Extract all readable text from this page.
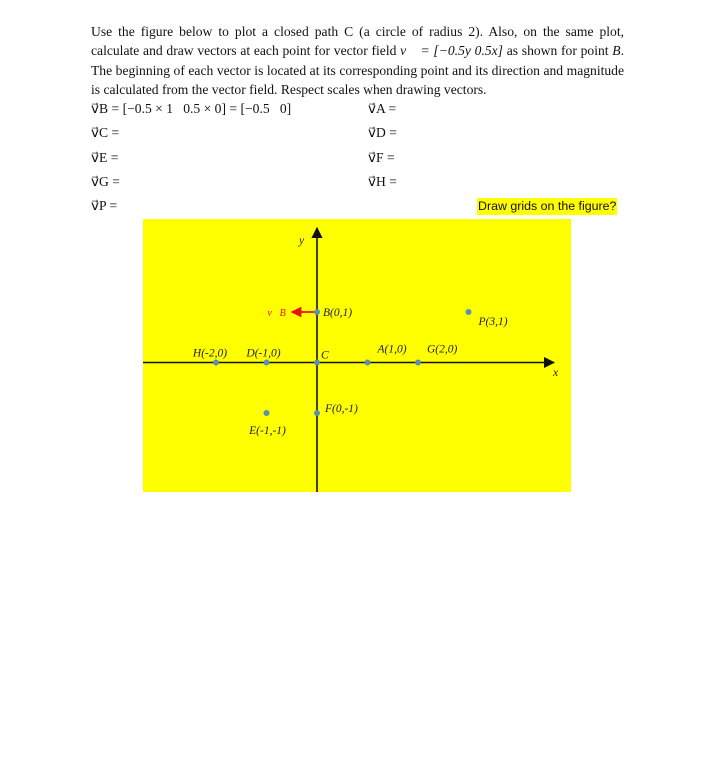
Use the figure below to plot a closed path C (a circle of radius 2). Also, on the same plot, calculate and draw vectors at each point for vector field v⃗ = [−0.5y 0.5x] as shown for point B. The beginning of each vector is located at its corresponding point and its direction and magnitude is calculated from the vector field. Respect scales when drawing vectors.

v⃗B = [−0.5 × 1   0.5 × 0] = [−0.5   0]
v⃗C =
v⃗E =
v⃗G =
v⃗P =
v⃗A =
v⃗D =
v⃗F =
v⃗H =
Draw grids on the figure?
x
y
B(0,1)
P(3,1)
H(-2,0) D(-1,0)	C	A(1,0) G(2,0)
F(0,-1)
E(-1,-1)
v⃗B
